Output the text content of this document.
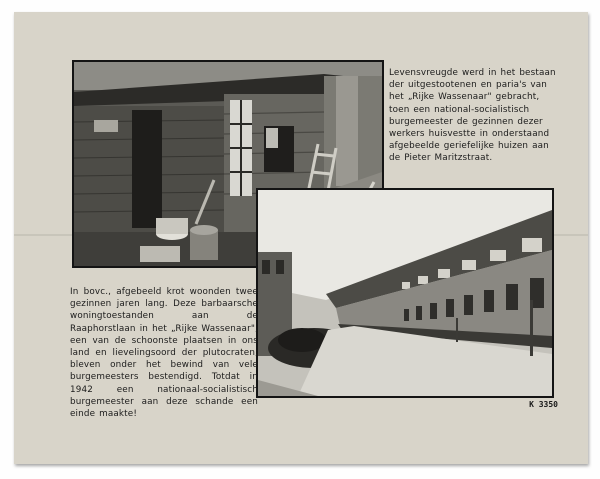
Levensvreugde werd in het bestaan der uitgestootenen en paria's van het „Rijke Wassenaar" gebracht, toen een national-socialistisch burgemeester de gezinnen dezer werkers huisvestte in onderstaand afgebeelde geriefelijke huizen aan de Pieter Maritzstraat.

In bovc., afgebeeld krot woonden twee gezinnen jaren lang. Deze barbaarsche woningtoestanden aan de Raaphorstlaan in het „Rijke Wassenaar", een van de schoonste plaatsen in ons land en lievelingsoord der plutocraten, bleven onder het bewind van vele burgemeesters bestendigd. Totdat in 1942 een nationaal-socialistisch burgemeester aan deze schande een einde maakte!

K 3350
